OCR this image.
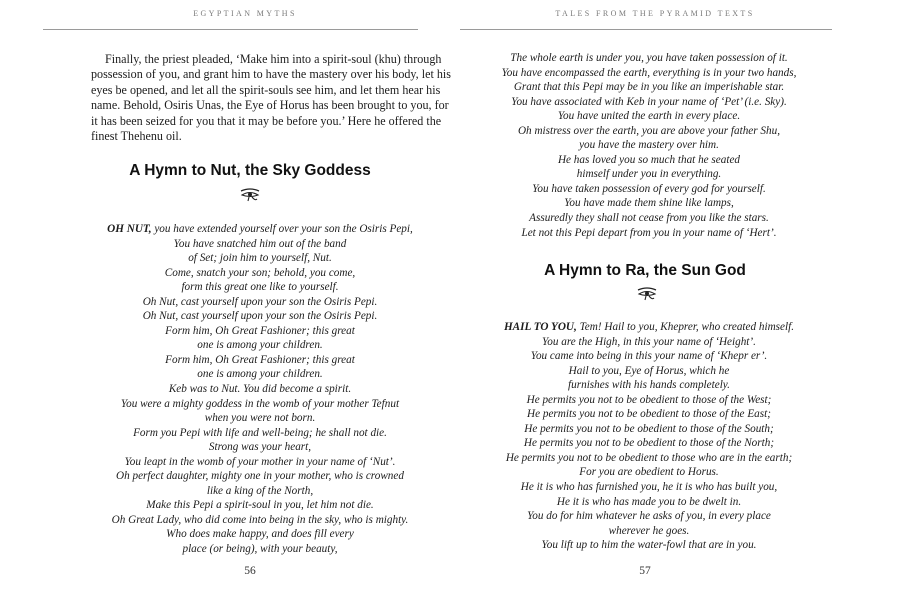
EGYPTIAN MYTHS

Finally, the priest pleaded, ‘Make him into a spirit-soul (khu) through possession of you, and grant him to have the mastery over his body, let his eyes be opened, and let all the spirit-souls see him, and let them hear his name. Behold, Osiris Unas, the Eye of Horus has been brought to you, for it has been seized for you that it may be before you.’ Here he offered the finest Thehenu oil.

A Hymn to Nut, the Sky Goddess
OH NUT, you have extended yourself over your son the Osiris Pepi,
You have snatched him out of the band
of Set; join him to yourself, Nut.
Come, snatch your son; behold, you come,
form this great one like to yourself.
Oh Nut, cast yourself upon your son the Osiris Pepi.
Oh Nut, cast yourself upon your son the Osiris Pepi.
Form him, Oh Great Fashioner; this great
one is among your children.
Form him, Oh Great Fashioner; this great
one is among your children.
Keb was to Nut. You did become a spirit.
You were a mighty goddess in the womb of your mother Tefnut
when you were not born.
Form you Pepi with life and well-being; he shall not die.
Strong was your heart,
You leapt in the womb of your mother in your name of ‘Nut’.
Oh perfect daughter, mighty one in your mother, who is crowned
like a king of the North,
Make this Pepi a spirit-soul in you, let him not die.
Oh Great Lady, who did come into being in the sky, who is mighty.
Who does make happy, and does fill every
place (or being), with your beauty,
56
TALES FROM THE PYRAMID TEXTS
The whole earth is under you, you have taken possession of it.
You have encompassed the earth, everything is in your two hands,
Grant that this Pepi may be in you like an imperishable star.
You have associated with Keb in your name of ‘Pet’ (i.e. Sky).
You have united the earth in every place.
Oh mistress over the earth, you are above your father Shu,
you have the mastery over him.
He has loved you so much that he seated
himself under you in everything.
You have taken possession of every god for yourself.
You have made them shine like lamps,
Assuredly they shall not cease from you like the stars.
Let not this Pepi depart from you in your name of ‘Hert’.
A Hymn to Ra, the Sun God
HAIL TO YOU, Tem! Hail to you, Kheprer, who created himself.
You are the High, in this your name of ‘Height’.
You came into being in this your name of ‘Khepr er’.
Hail to you, Eye of Horus, which he
furnishes with his hands completely.
He permits you not to be obedient to those of the West;
He permits you not to be obedient to those of the East;
He permits you not to be obedient to those of the South;
He permits you not to be obedient to those of the North;
He permits you not to be obedient to those who are in the earth;
For you are obedient to Horus.
He it is who has furnished you, he it is who has built you,
He it is who has made you to be dwelt in.
You do for him whatever he asks of you, in every place
wherever he goes.
You lift up to him the water-fowl that are in you.
57
